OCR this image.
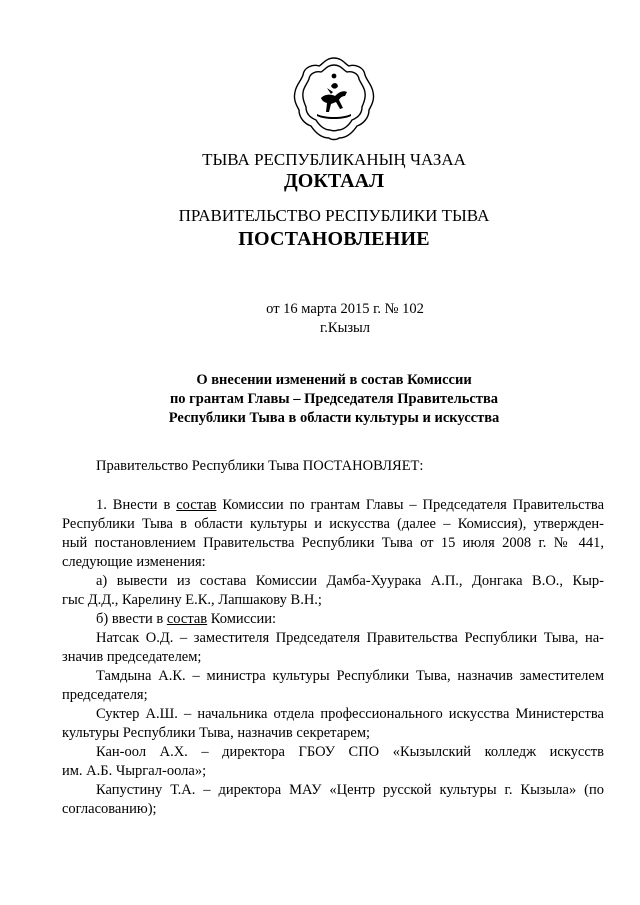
ТЫВА РЕСПУБЛИКАНЫҢ ЧАЗАА
ДОКТААЛ
ПРАВИТЕЛЬСТВО РЕСПУБЛИКИ ТЫВА
ПОСТАНОВЛЕНИЕ
от 16 марта 2015 г. № 102
г.Кызыл
О внесении изменений в состав Комиссии
по грантам Главы – Председателя Правительства
Республики Тыва в области культуры и искусства
Правительство Республики Тыва ПОСТАНОВЛЯЕТ:
1. Внести в состав Комиссии по грантам Главы – Председателя Правительства
Республики Тыва в области культуры и искусства (далее – Комиссия), утвержден-
ный постановлением Правительства Республики Тыва от 15 июля 2008 г. № 441,
следующие изменения:
а) вывести из состава Комиссии Дамба-Хуурака А.П., Донгака В.О., Кыр-
гыс Д.Д., Карелину Е.К., Лапшакову В.Н.;
б) ввести в состав Комиссии:
Натсак О.Д. – заместителя Председателя Правительства Республики Тыва, на-
значив председателем;
Тамдына А.К. – министра культуры Республики Тыва, назначив заместителем
председателя;
Суктер А.Ш. – начальника отдела профессионального искусства Министерства
культуры Республики Тыва, назначив секретарем;
Кан-оол А.Х. – директора ГБОУ СПО «Кызылский колледж искусств
им. А.Б. Чыргал-оола»;
Капустину Т.А. – директора МАУ «Центр русской культуры г. Кызыла» (по
согласованию);
